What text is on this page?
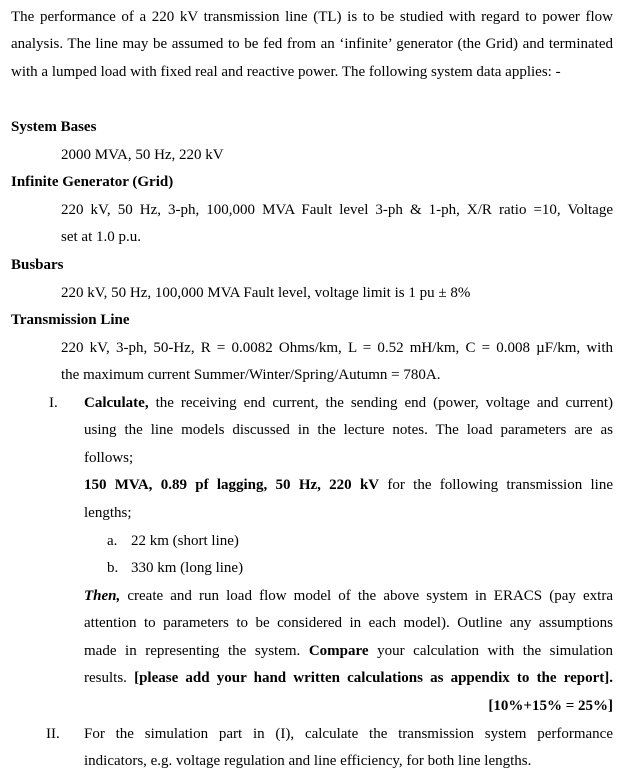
The performance of a 220 kV transmission line (TL) is to be studied with regard to power flow analysis. The line may be assumed to be fed from an ‘infinite’ generator (the Grid) and terminated with a lumped load with fixed real and reactive power. The following system data applies: -

System Bases
2000 MVA, 50 Hz, 220 kV
Infinite Generator (Grid)
220 kV, 50 Hz, 3-ph, 100,000 MVA Fault level 3-ph & 1-ph, X/R ratio =10, Voltage
set at 1.0 p.u.
Busbars
220 kV, 50 Hz, 100,000 MVA Fault level, voltage limit is 1 pu ± 8%
Transmission Line
220 kV, 3-ph, 50-Hz, R = 0.0082 Ohms/km, L = 0.52 mH/km, C = 0.008 µF/km, with
the maximum current Summer/Winter/Spring/Autumn = 780A.
I. Calculate, the receiving end current, the sending end (power, voltage and current)
using the line models discussed in the lecture notes. The load parameters are as
follows;
150 MVA, 0.89 pf lagging, 50 Hz, 220 kV for the following transmission line
lengths;
a. 22 km (short line)
b. 330 km (long line)
Then, create and run load flow model of the above system in ERACS (pay extra
attention to parameters to be considered in each model). Outline any assumptions
made in representing the system. Compare your calculation with the simulation
results. [please add your hand written calculations as appendix to the report].
[10%+15% = 25%]
II. For the simulation part in (I), calculate the transmission system performance
indicators, e.g. voltage regulation and line efficiency, for both line lengths.
